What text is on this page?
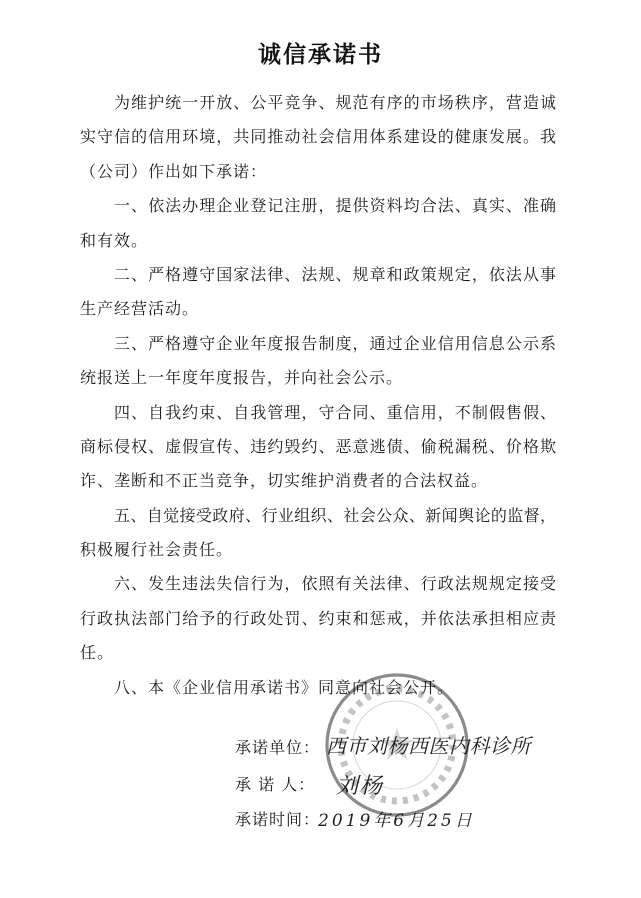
诚信承诺书
为维护统一开放、公平竞争、规范有序的市场秩序，营造诚
实守信的信用环境，共同推动社会信用体系建设的健康发展。我
（公司）作出如下承诺：
一、依法办理企业登记注册，提供资料均合法、真实、准确
和有效。
二、严格遵守国家法律、法规、规章和政策规定，依法从事
生产经营活动。
三、严格遵守企业年度报告制度，通过企业信用信息公示系
统报送上一年度年度报告，并向社会公示。
四、自我约束、自我管理，守合同、重信用，不制假售假、
商标侵权、虚假宣传、违约毁约、恶意逃债、偷税漏税、价格欺
诈、垄断和不正当竞争，切实维护消费者的合法权益。
五、自觉接受政府、行业组织、社会公众、新闻舆论的监督，
积极履行社会责任。
六、发生违法失信行为，依照有关法律、行政法规规定接受
行政执法部门给予的行政处罚、约束和惩戒，并依法承担相应责
任。
八、本《企业信用承诺书》同意向社会公开。
承诺单位：
承 诺 人：
承诺时间：
西市刘杨西医内科诊所
刘杨
2019年6月25日
